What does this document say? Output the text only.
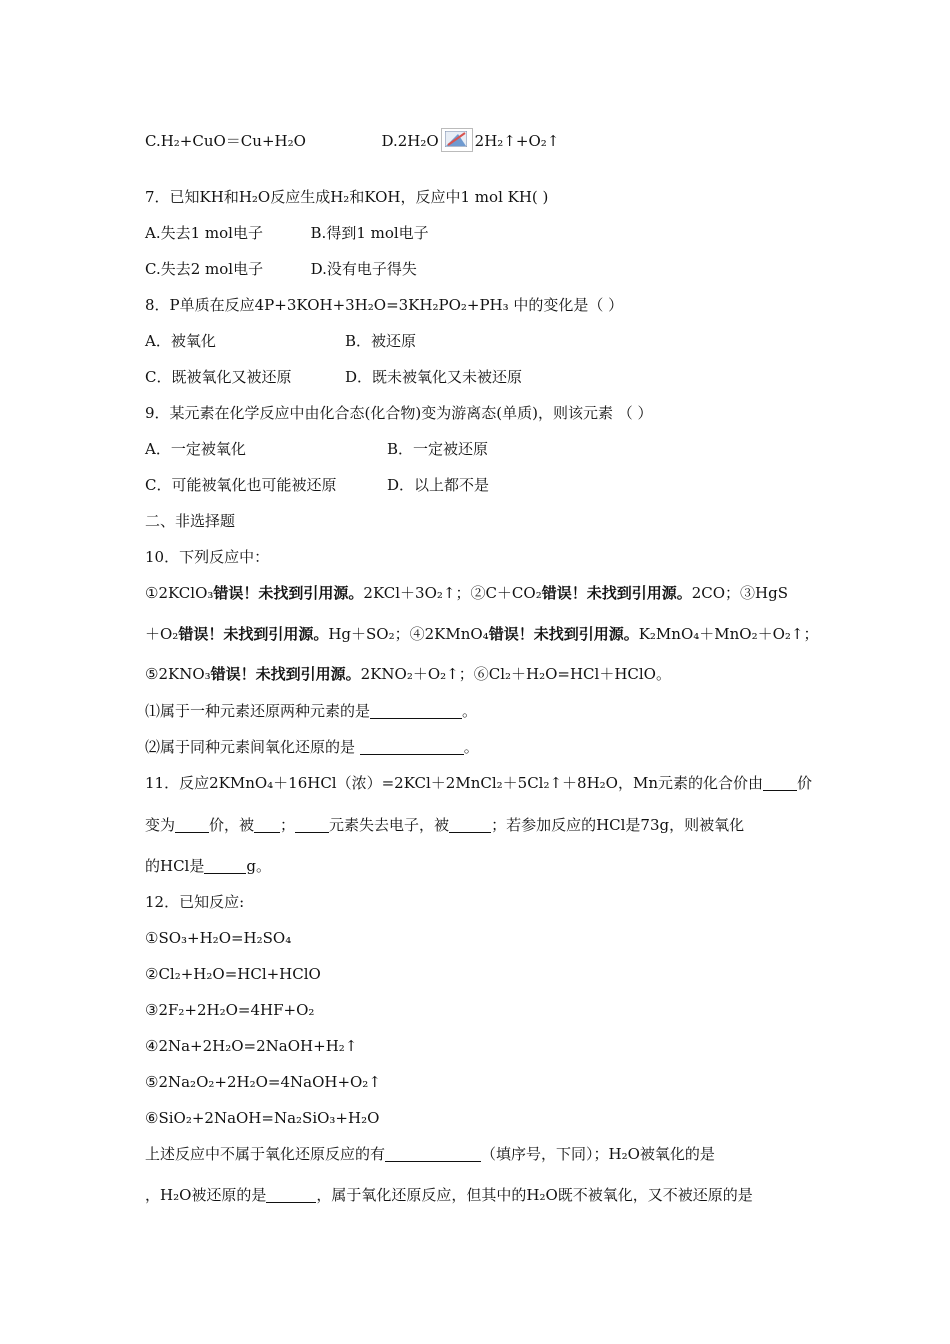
C.H₂+CuO＝Cu+H₂O	D.2H₂O 2H₂↑+O₂↑
7．已知KH和H₂O反应生成H₂和KOH，反应中1 mol KH( )
A.失去1 mol电子	B.得到1 mol电子
C.失去2 mol电子	D.没有电子得失
8．P单质在反应4P+3KOH+3H₂O=3KH₂PO₂+PH₃ 中的变化是（ ）
A．被氧化	B．被还原
C．既被氧化又被还原	D．既未被氧化又未被还原
9．某元素在化学反应中由化合态(化合物)变为游离态(单质)，则该元素 （ ）
A．一定被氧化	B．一定被还原
C．可能被氧化也可能被还原	D．以上都不是
二、非选择题
10．下列反应中：
①2KClO₃错误！未找到引用源。2KCl＋3O₂↑；②C＋CO₂错误！未找到引用源。2CO；③HgS
＋O₂错误！未找到引用源。Hg＋SO₂；④2KMnO₄错误！未找到引用源。K₂MnO₄＋MnO₂＋O₂↑；
⑤2KNO₃错误！未找到引用源。2KNO₂＋O₂↑；⑥Cl₂＋H₂O=HCl＋HClO。
⑴属于一种元素还原两种元素的是	。
⑵属于同种元素间氧化还原的是	。
11．反应2KMnO₄＋16HCl（浓）=2KCl＋2MnCl₂＋5Cl₂↑＋8H₂O，Mn元素的化合价由 价
变为 价，被 ； 元素失去电子，被	；若参加反应的HCl是73g，则被氧化
的HCl是	g。
12．已知反应:
①SO₃+H₂O=H₂SO₄
②Cl₂+H₂O=HCl+HClO
③2F₂+2H₂O=4HF+O₂
④2Na+2H₂O=2NaOH+H₂↑
⑤2Na₂O₂+2H₂O=4NaOH+O₂↑
⑥SiO₂+2NaOH=Na₂SiO₃+H₂O
上述反应中不属于氧化还原反应的有	（填序号，下同）；H₂O被氧化的是
，H₂O被还原的是	，属于氧化还原反应，但其中的H₂O既不被氧化，又不被还原的是
